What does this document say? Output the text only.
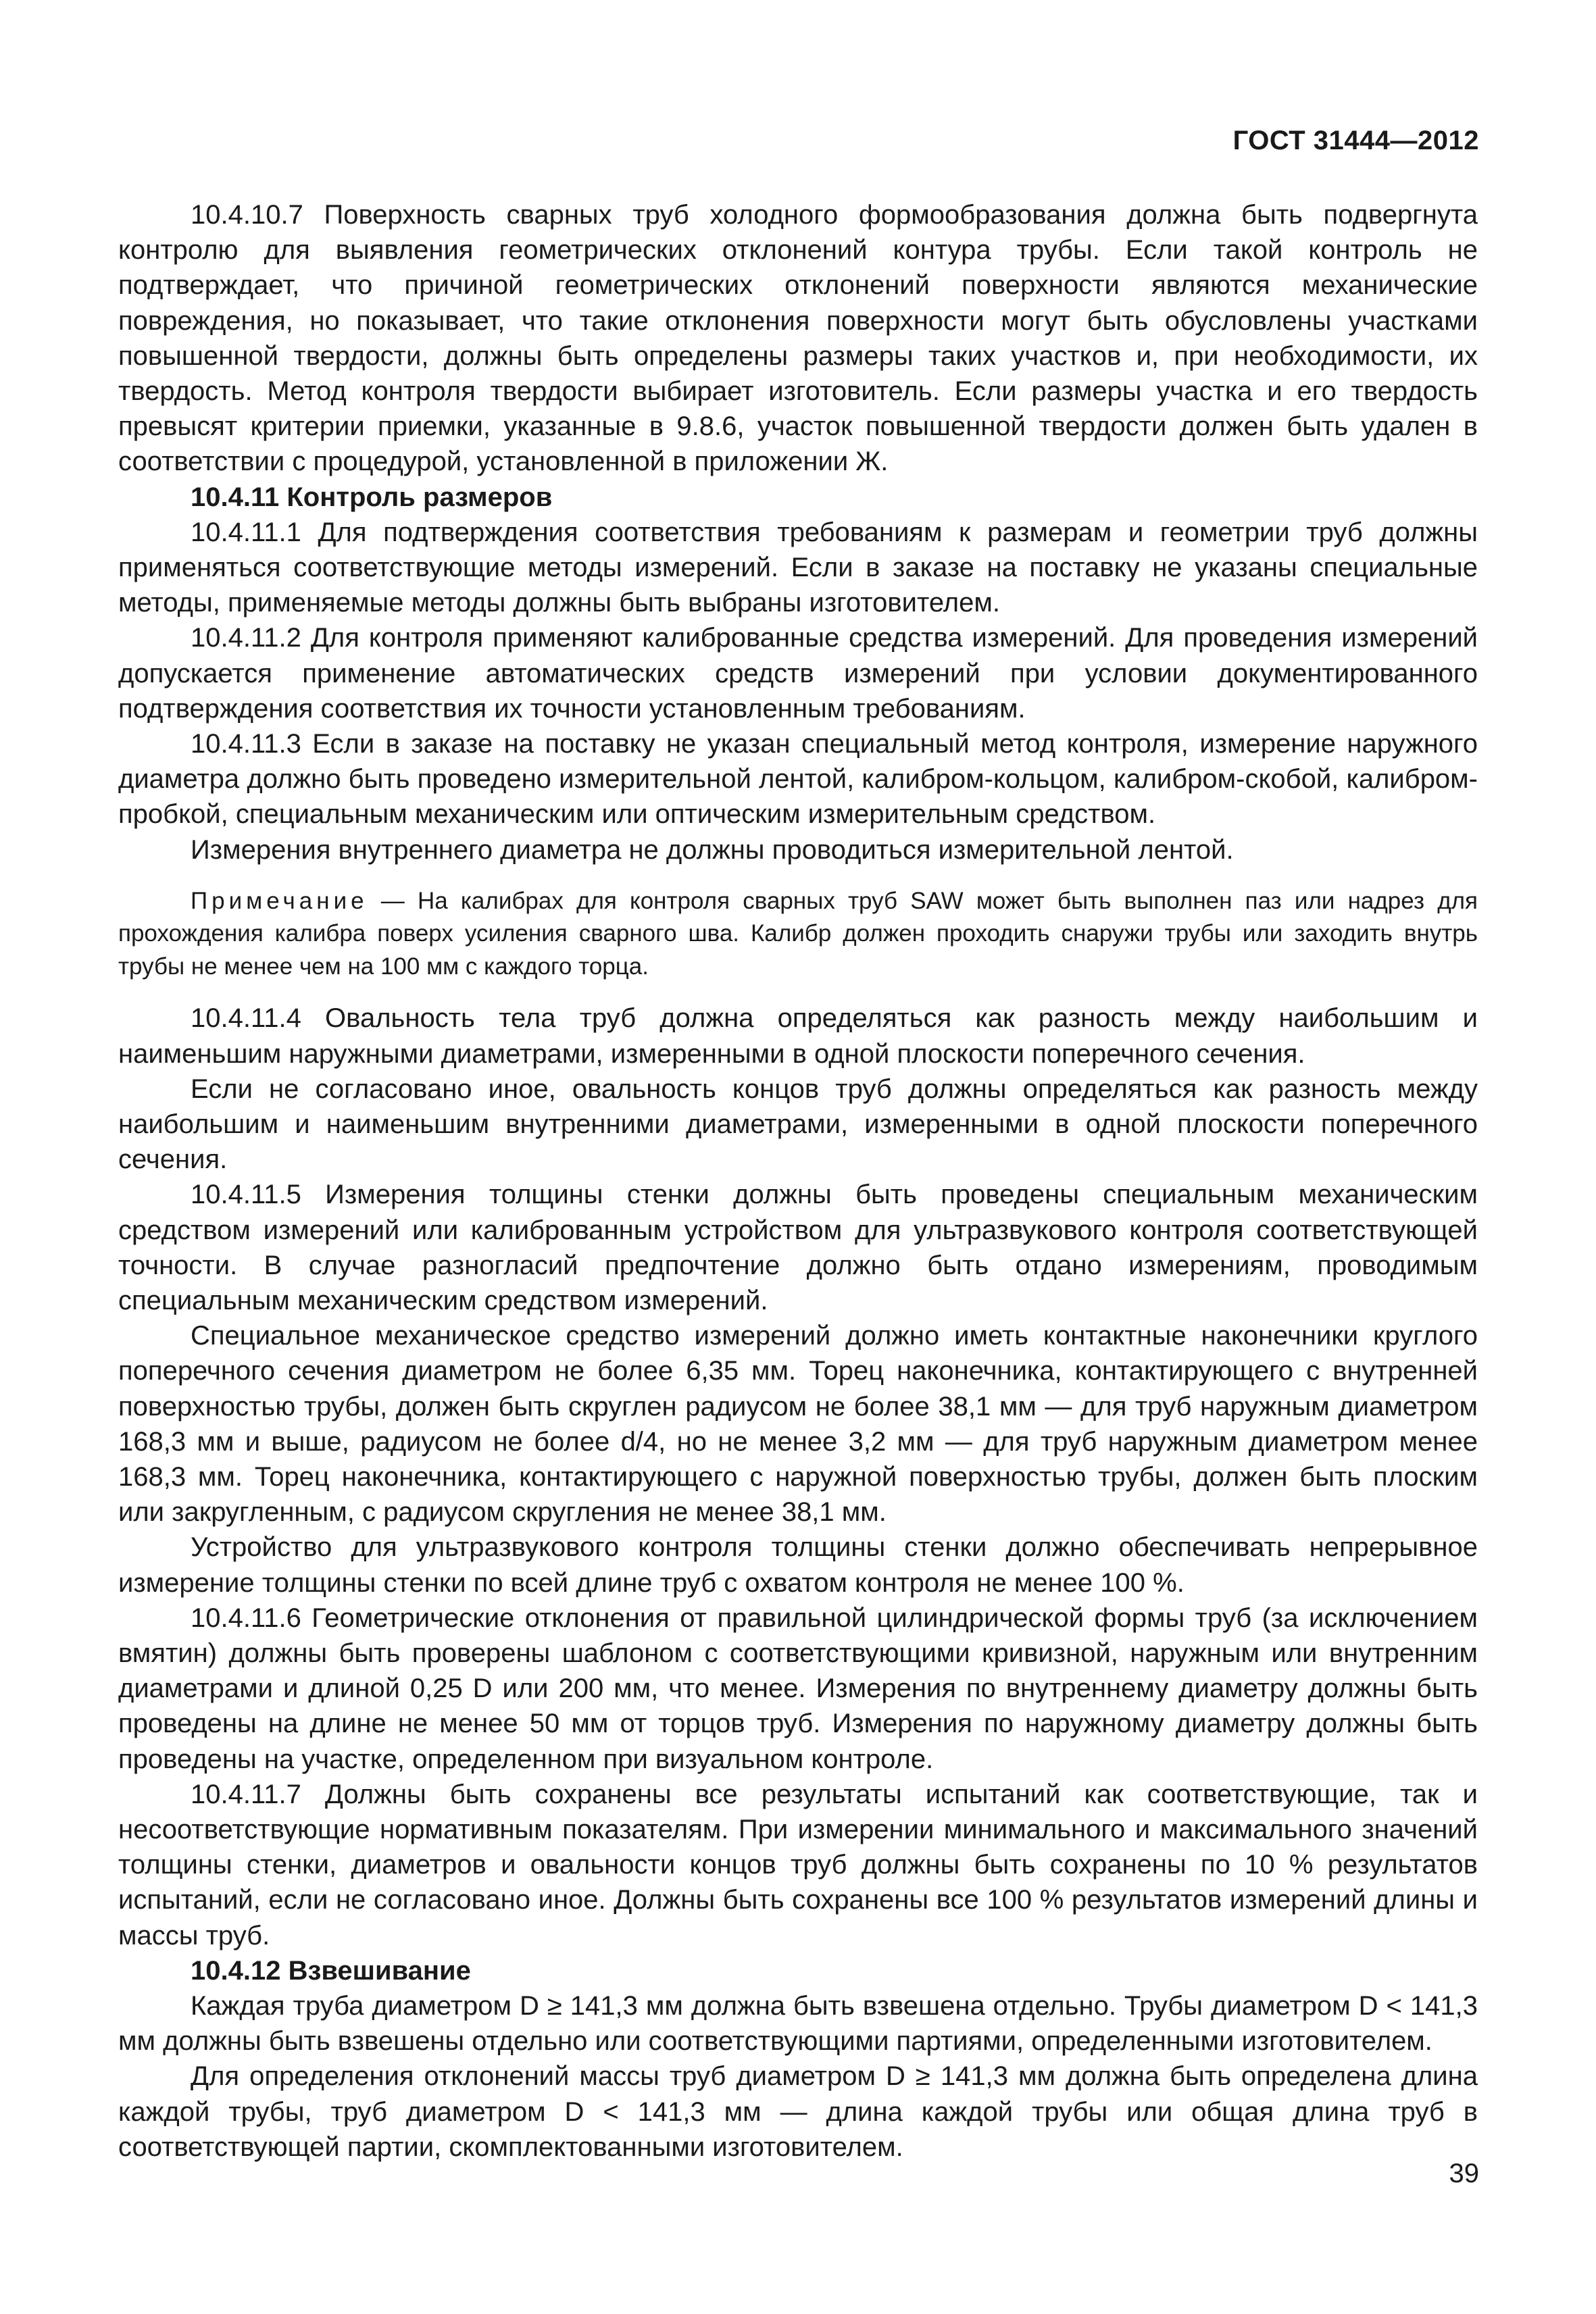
ГОСТ 31444—2012

10.4.10.7 Поверхность сварных труб холодного формообразования должна быть подвергнута контролю для выявления геометрических отклонений контура трубы. Если такой контроль не подтверждает, что причиной геометрических отклонений поверхности являются механические повреждения, но показывает, что такие отклонения поверхности могут быть обусловлены участками повышенной твердости, должны быть определены размеры таких участков и, при необходимости, их твердость. Метод контроля твердости выбирает изготовитель. Если размеры участка и его твердость превысят критерии приемки, указанные в 9.8.6, участок повышенной твердости должен быть удален в соответствии с процедурой, установленной в приложении Ж.

10.4.11 Контроль размеров

10.4.11.1 Для подтверждения соответствия требованиям к размерам и геометрии труб должны применяться соответствующие методы измерений. Если в заказе на поставку не указаны специальные методы, применяемые методы должны быть выбраны изготовителем.

10.4.11.2 Для контроля применяют калиброванные средства измерений. Для проведения измерений допускается применение автоматических средств измерений при условии документированного подтверждения соответствия их точности установленным требованиям.

10.4.11.3 Если в заказе на поставку не указан специальный метод контроля, измерение наружного диаметра должно быть проведено измерительной лентой, калибром-кольцом, калибром-скобой, калибром-пробкой, специальным механическим или оптическим измерительным средством.

Измерения внутреннего диаметра не должны проводиться измерительной лентой.

Примечание — На калибрах для контроля сварных труб SAW может быть выполнен паз или надрез для прохождения калибра поверх усиления сварного шва. Калибр должен проходить снаружи трубы или заходить внутрь трубы не менее чем на 100 мм с каждого торца.

10.4.11.4 Овальность тела труб должна определяться как разность между наибольшим и наименьшим наружными диаметрами, измеренными в одной плоскости поперечного сечения.

Если не согласовано иное, овальность концов труб должны определяться как разность между наибольшим и наименьшим внутренними диаметрами, измеренными в одной плоскости поперечного сечения.

10.4.11.5 Измерения толщины стенки должны быть проведены специальным механическим средством измерений или калиброванным устройством для ультразвукового контроля соответствующей точности. В случае разногласий предпочтение должно быть отдано измерениям, проводимым специальным механическим средством измерений.

Специальное механическое средство измерений должно иметь контактные наконечники круглого поперечного сечения диаметром не более 6,35 мм. Торец наконечника, контактирующего с внутренней поверхностью трубы, должен быть скруглен радиусом не более 38,1 мм — для труб наружным диаметром 168,3 мм и выше, радиусом не более d/4, но не менее 3,2 мм — для труб наружным диаметром менее 168,3 мм. Торец наконечника, контактирующего с наружной поверхностью трубы, должен быть плоским или закругленным, с радиусом скругления не менее 38,1 мм.

Устройство для ультразвукового контроля толщины стенки должно обеспечивать непрерывное измерение толщины стенки по всей длине труб с охватом контроля не менее 100 %.

10.4.11.6 Геометрические отклонения от правильной цилиндрической формы труб (за исключением вмятин) должны быть проверены шаблоном с соответствующими кривизной, наружным или внутренним диаметрами и длиной 0,25 D или 200 мм, что менее. Измерения по внутреннему диаметру должны быть проведены на длине не менее 50 мм от торцов труб. Измерения по наружному диаметру должны быть проведены на участке, определенном при визуальном контроле.

10.4.11.7 Должны быть сохранены все результаты испытаний как соответствующие, так и несоответствующие нормативным показателям. При измерении минимального и максимального значений толщины стенки, диаметров и овальности концов труб должны быть сохранены по 10 % результатов испытаний, если не согласовано иное. Должны быть сохранены все 100 % результатов измерений длины и массы труб.

10.4.12 Взвешивание

Каждая труба диаметром D ≥ 141,3 мм должна быть взвешена отдельно. Трубы диаметром D < 141,3 мм должны быть взвешены отдельно или соответствующими партиями, определенными изготовителем.

Для определения отклонений массы труб диаметром D ≥ 141,3 мм должна быть определена длина каждой трубы, труб диаметром D < 141,3 мм — длина каждой трубы или общая длина труб в соответствующей партии, скомплектованными изготовителем.

39
